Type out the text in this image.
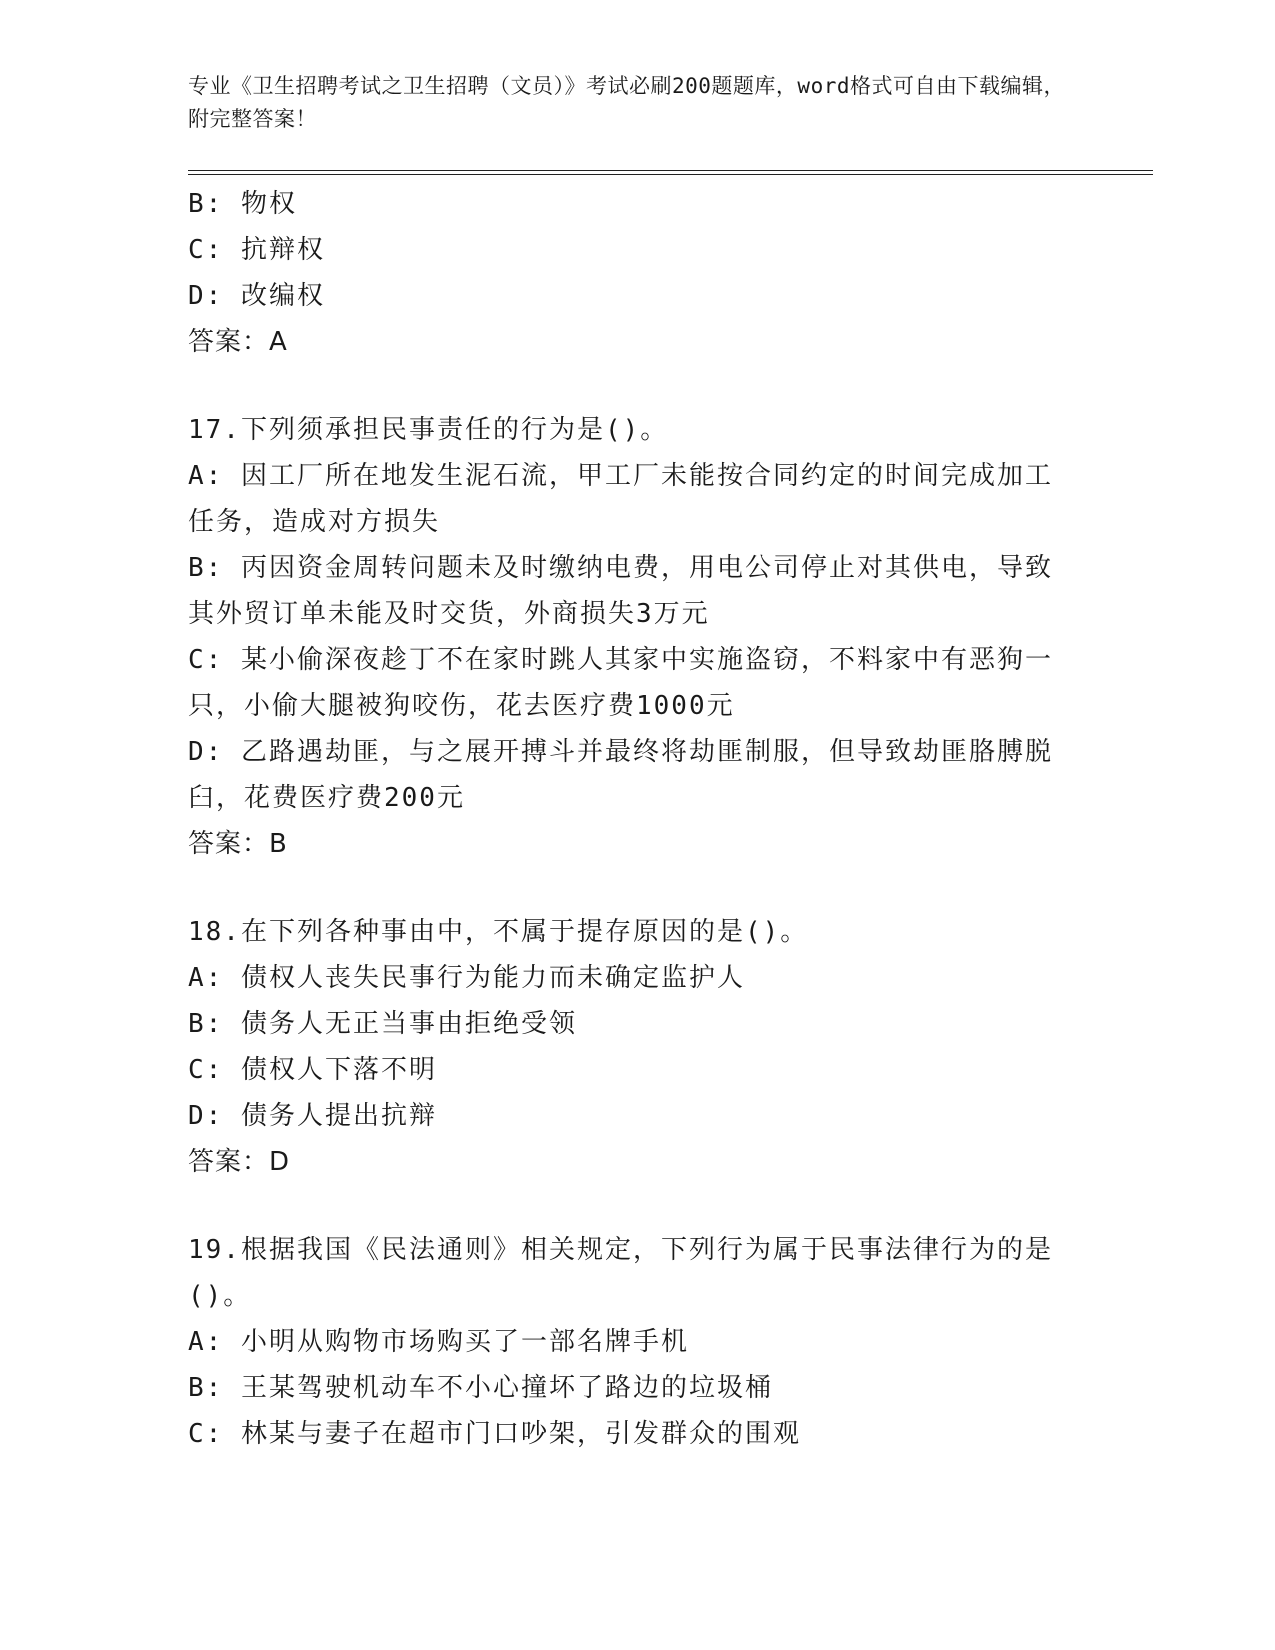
专业《卫生招聘考试之卫生招聘（文员）》考试必刷200题题库，word格式可自由下载编辑，附完整答案！
B: 物权
C: 抗辩权
D: 改编权
答案：A
17.下列须承担民事责任的行为是()。
A: 因工厂所在地发生泥石流，甲工厂未能按合同约定的时间完成加工任务，造成对方损失
B: 丙因资金周转问题未及时缴纳电费，用电公司停止对其供电，导致其外贸订单未能及时交货，外商损失3万元
C: 某小偷深夜趁丁不在家时跳人其家中实施盗窃，不料家中有恶狗一只，小偷大腿被狗咬伤，花去医疗费1000元
D: 乙路遇劫匪，与之展开搏斗并最终将劫匪制服，但导致劫匪胳膊脱臼，花费医疗费200元
答案：B
18.在下列各种事由中，不属于提存原因的是()。
A: 债权人丧失民事行为能力而未确定监护人
B: 债务人无正当事由拒绝受领
C: 债权人下落不明
D: 债务人提出抗辩
答案：D
19.根据我国《民法通则》相关规定，下列行为属于民事法律行为的是()。
A: 小明从购物市场购买了一部名牌手机
B: 王某驾驶机动车不小心撞坏了路边的垃圾桶
C: 林某与妻子在超市门口吵架，引发群众的围观
